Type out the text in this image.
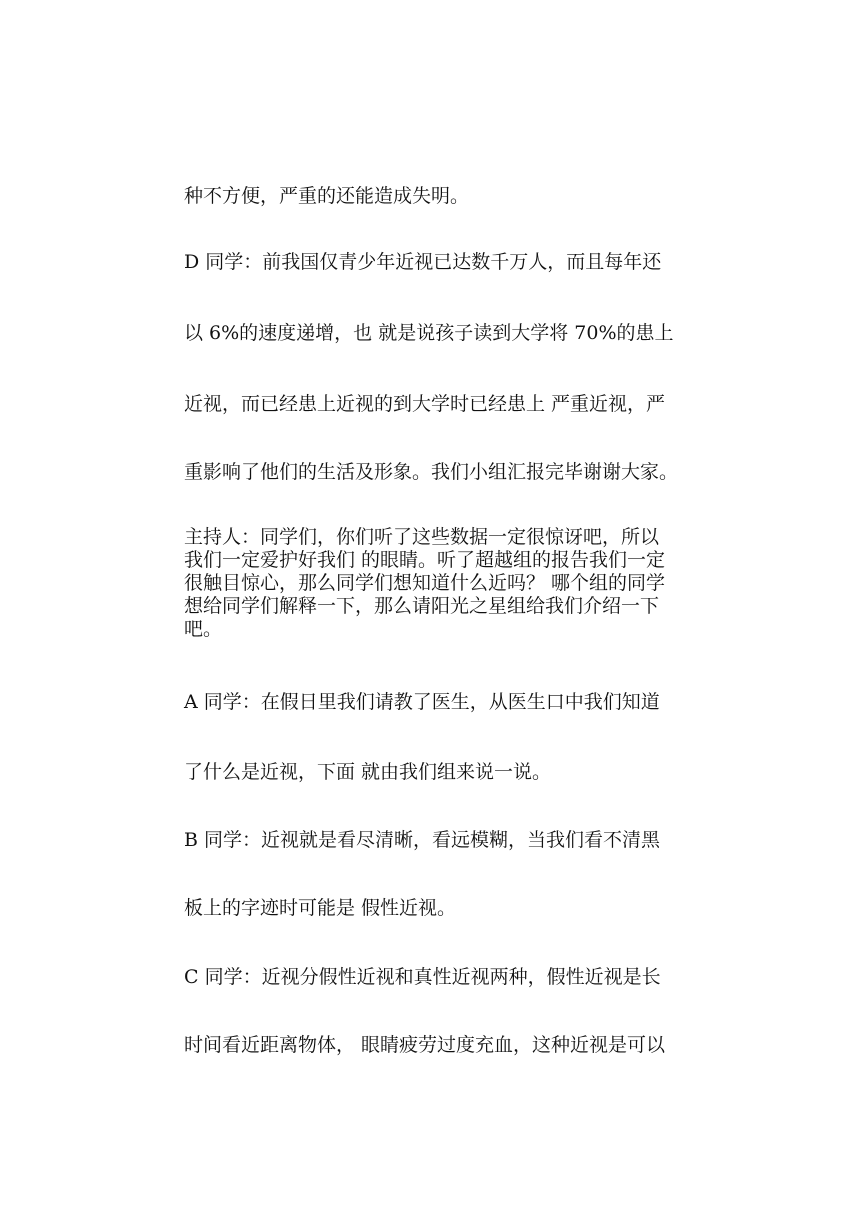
种不方便，严重的还能造成失明。
D 同学：前我国仅青少年近视已达数千万人，而且每年还
以 6%的速度递增，也 就是说孩子读到大学将 70%的患上
近视，而已经患上近视的到大学时已经患上 严重近视，严
重影响了他们的生活及形象。我们小组汇报完毕谢谢大家。
主持人：同学们，你们听了这些数据一定很惊讶吧，所以
我们一定爱护好我们 的眼睛。听了超越组的报告我们一定
很触目惊心，那么同学们想知道什么近吗？ 哪个组的同学
想给同学们解释一下，那么请阳光之星组给我们介绍一下
吧。
A 同学：在假日里我们请教了医生，从医生口中我们知道
了什么是近视，下面 就由我们组来说一说。
B 同学：近视就是看尽清晰，看远模糊，当我们看不清黑
板上的字迹时可能是 假性近视。
C 同学：近视分假性近视和真性近视两种，假性近视是长
时间看近距离物体， 眼睛疲劳过度充血，这种近视是可以
